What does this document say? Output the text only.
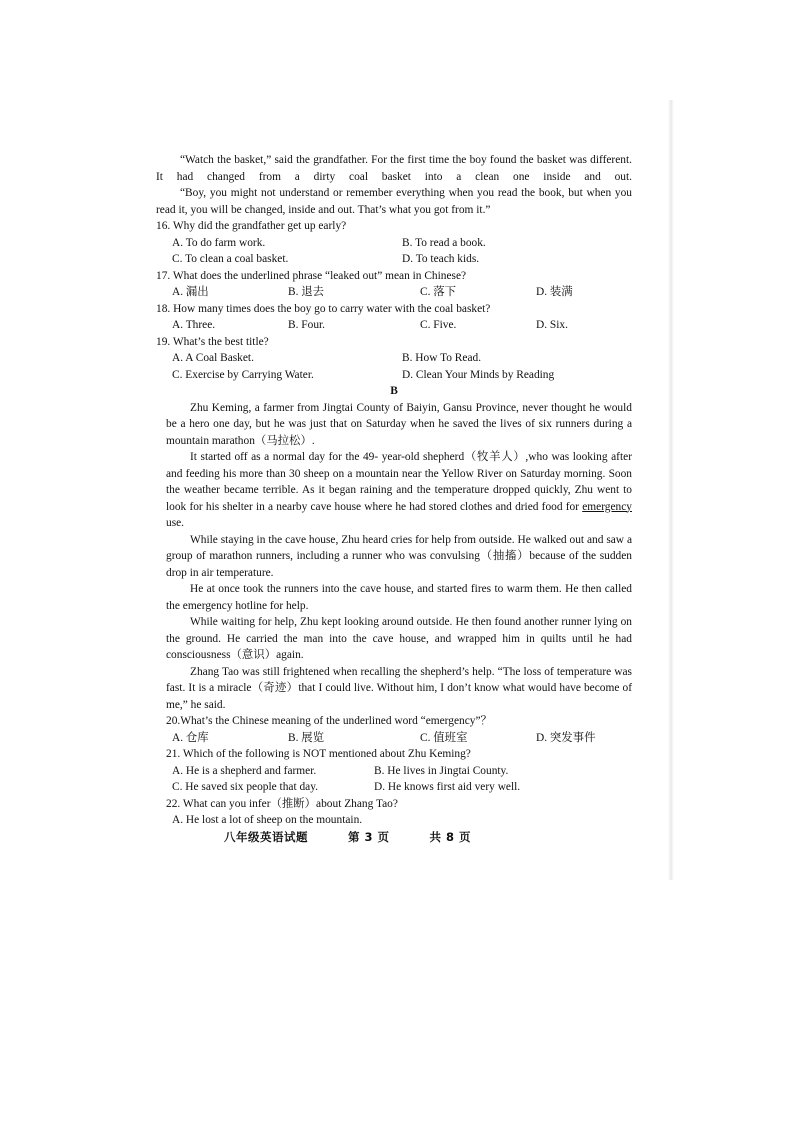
“Watch the basket,” said the grandfather. For the first time the boy found the basket was different. It had changed from a dirty coal basket into a clean one inside and out.

“Boy, you might not understand or remember everything when you read the book, but when you read it, you will be changed, inside and out. That’s what you got from it.”

16. Why did the grandfather get up early?

A. To do farm work.	B. To read a book.
C. To clean a coal basket.	D. To teach kids.

17. What does the underlined phrase “leaked out” mean in Chinese?

A. 漏出	B. 退去	C. 落下	D. 装满

18. How many times does the boy go to carry water with the coal basket?

A. Three.	B. Four.	C. Five.	D. Six.

19. What’s the best title?

A. A Coal Basket.	B. How To Read.
C. Exercise by Carrying Water.	D. Clean Your Minds by Reading

B

Zhu Keming, a farmer from Jingtai County of Baiyin, Gansu Province, never thought he would be a hero one day, but he was just that on Saturday when he saved the lives of six runners during a mountain marathon（马拉松）.

It started off as a normal day for the 49- year-old shepherd（牧羊人）,who was looking after and feeding his more than 30 sheep on a mountain near the Yellow River on Saturday morning. Soon the weather became terrible. As it began raining and the temperature dropped quickly, Zhu went to look for his shelter in a nearby cave house where he had stored clothes and dried food for emergency use.

While staying in the cave house, Zhu heard cries for help from outside. He walked out and saw a group of marathon runners, including a runner who was convulsing（抽搐）because of the sudden drop in air temperature.

He at once took the runners into the cave house, and started fires to warm them. He then called the emergency hotline for help.

While waiting for help, Zhu kept looking around outside. He then found another runner lying on the ground. He carried the man into the cave house, and wrapped him in quilts until he had consciousness（意识）again.

Zhang Tao was still frightened when recalling the shepherd’s help. “The loss of temperature was fast. It is a miracle（奇迹）that I could live. Without him, I don’t know what would have become of me,” he said.

20.What’s the Chinese meaning of the underlined word “emergency”？

A. 仓库	B. 展览	C. 值班室	D. 突发事件

21. Which of the following is NOT mentioned about Zhu Keming?

A. He is a shepherd and farmer.	B. He lives in Jingtai County.
C. He saved six people that day.	D. He knows first aid very well.

22. What can you infer（推断）about Zhang Tao?

A. He lost a lot of sheep on the mountain.
八年级英语试题	第 3 页	共 8 页
